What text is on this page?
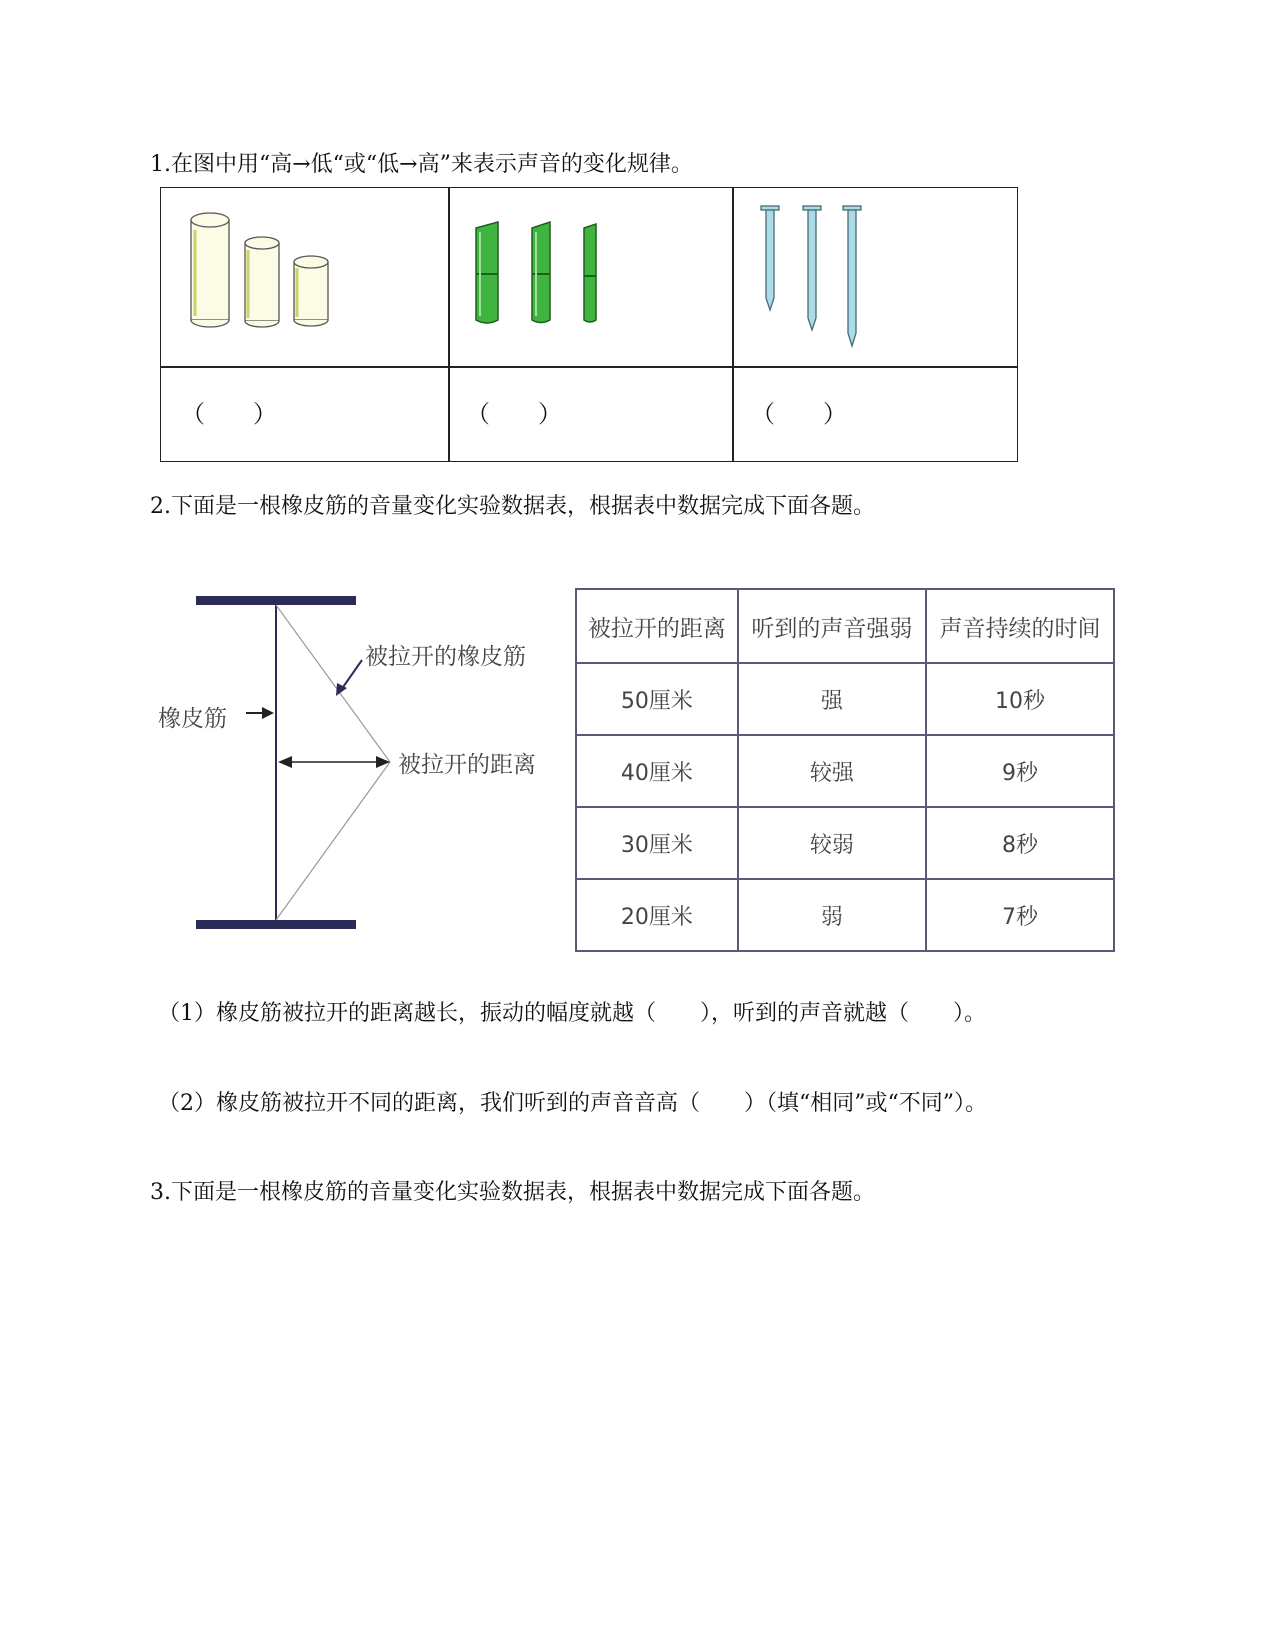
1.在图中用“高→低“或“低→高”来表示声音的变化规律。
（　　）	（　　）	（　　）
2.下面是一根橡皮筋的音量变化实验数据表，根据表中数据完成下面各题。
橡皮筋
被拉开的橡皮筋
被拉开的距离
被拉开的距离	听到的声音强弱	声音持续的时间
50厘米	强	10秒
40厘米	较强	9秒
30厘米	较弱	8秒
20厘米	弱	7秒
（1）橡皮筋被拉开的距离越长，振动的幅度就越（　　），听到的声音就越（　　）。
（2）橡皮筋被拉开不同的距离，我们听到的声音音高（　　）（填“相同”或“不同”）。
3.下面是一根橡皮筋的音量变化实验数据表，根据表中数据完成下面各题。
